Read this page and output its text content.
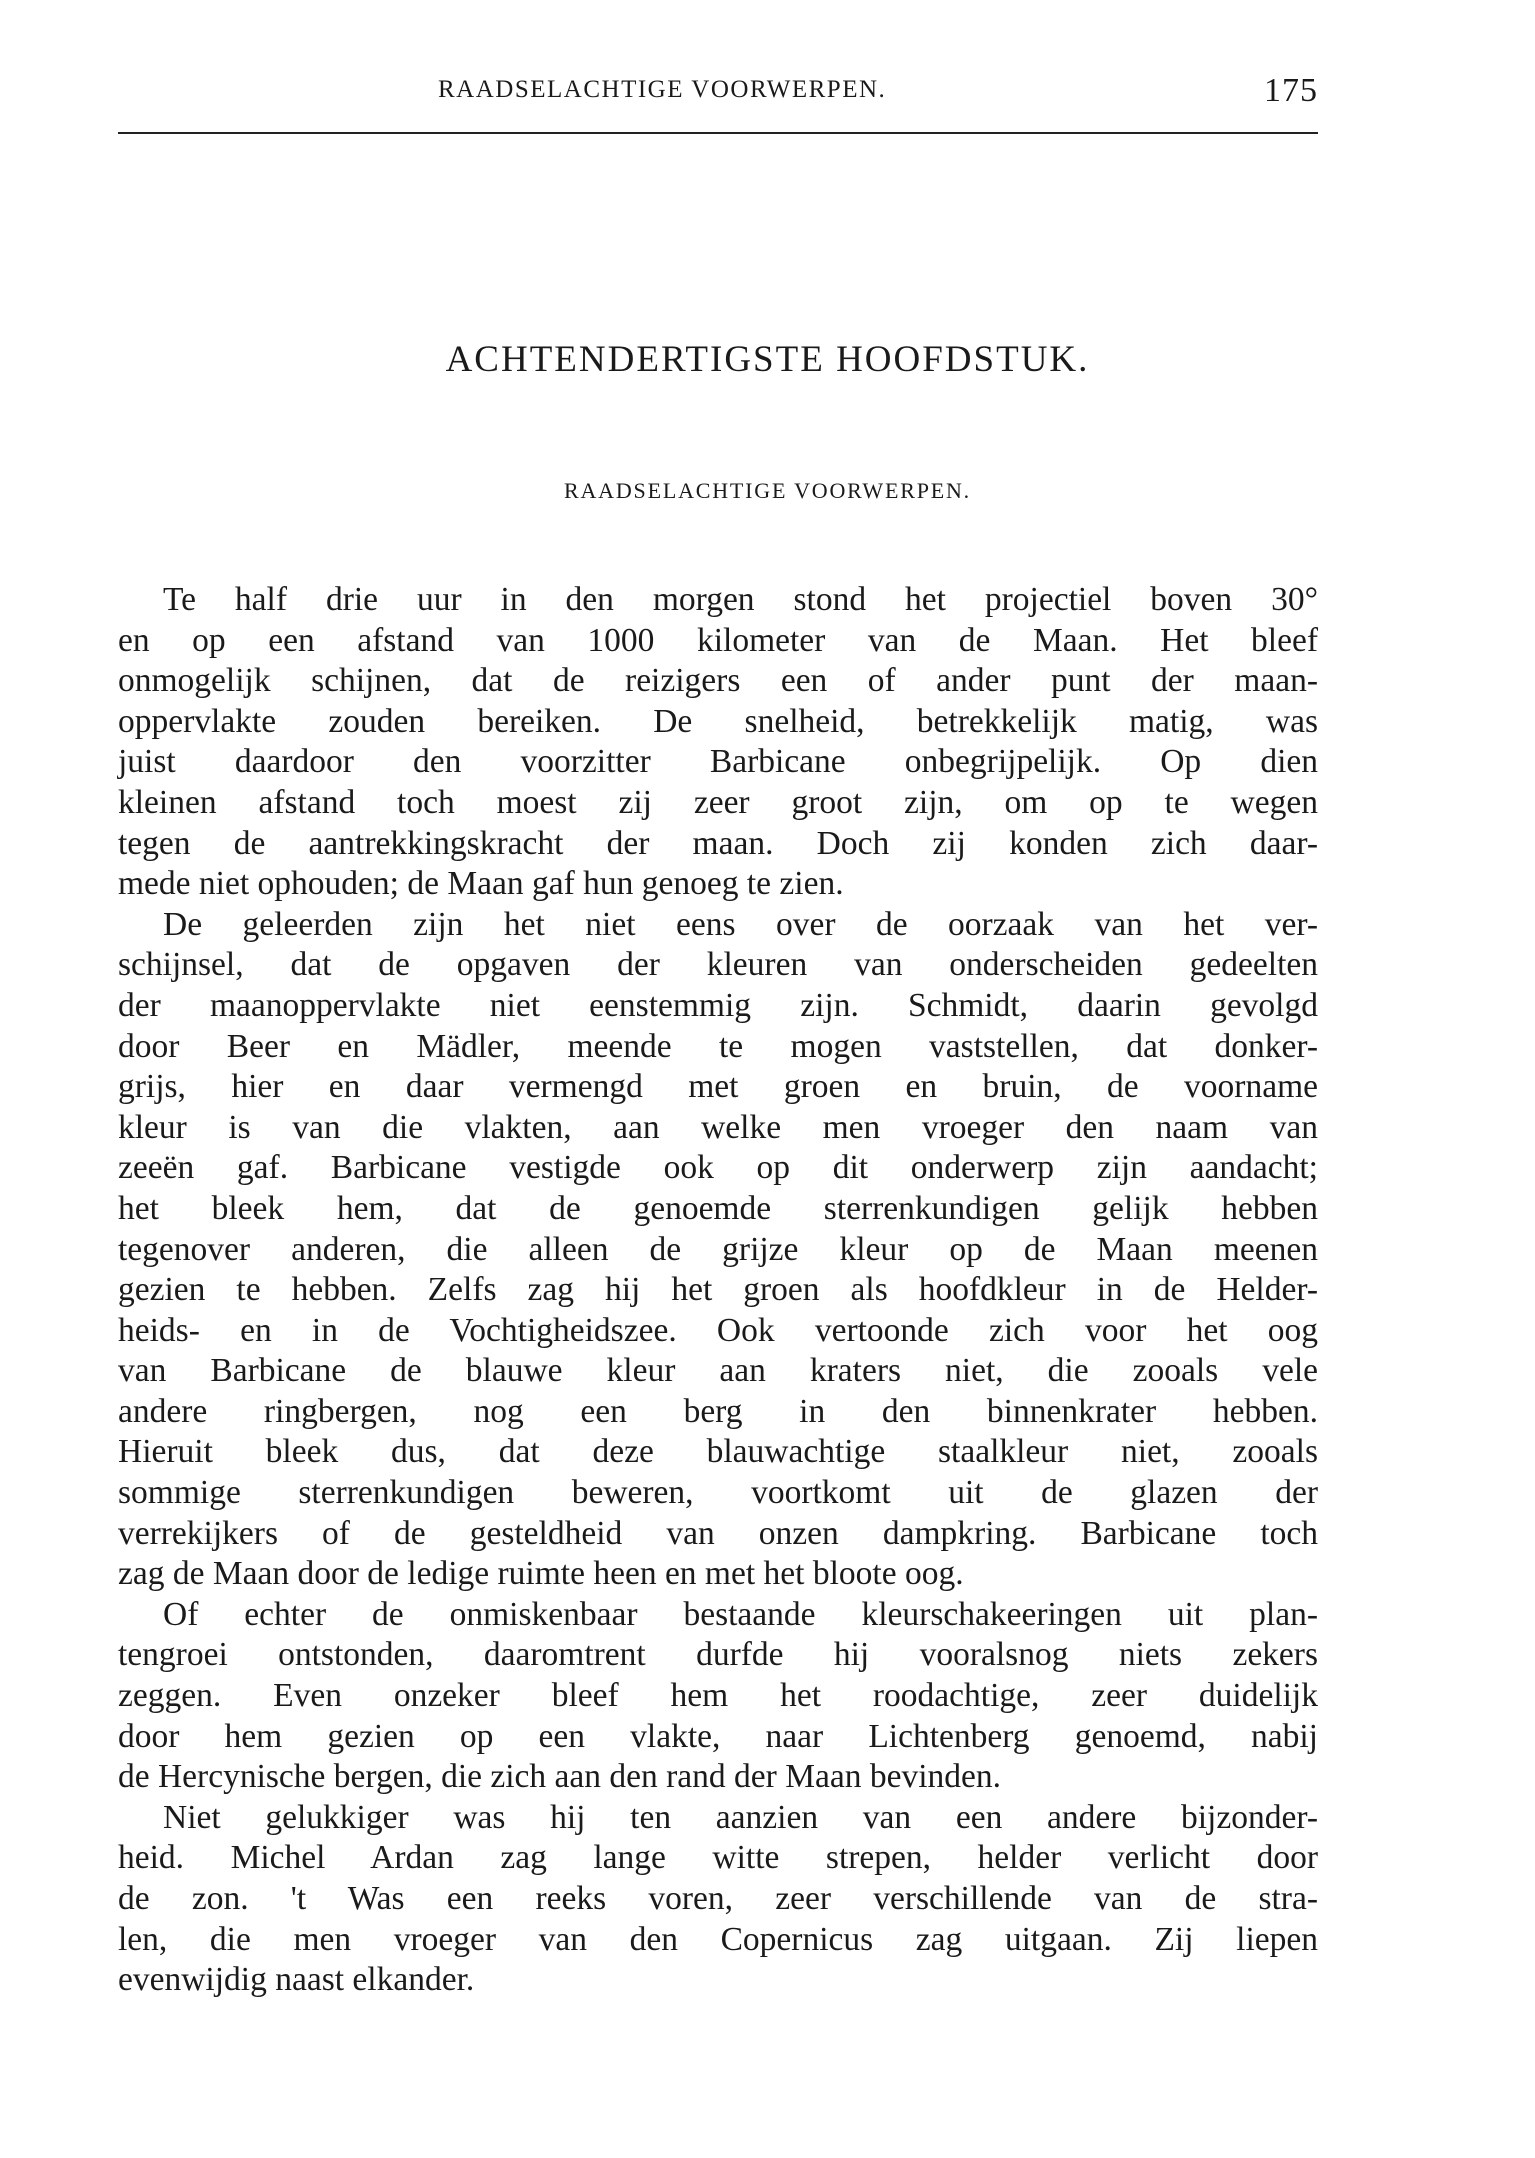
RAADSELACHTIGE VOORWERPEN.	175
ACHTENDERTIGSTE HOOFDSTUK.
RAADSELACHTIGE VOORWERPEN.

Te half drie uur in den morgen stond het projectiel boven 30°
en op een afstand van 1000 kilometer van de Maan. Het bleef
onmogelijk schijnen, dat de reizigers een of ander punt der maan-
oppervlakte zouden bereiken. De snelheid, betrekkelijk matig, was
juist daardoor den voorzitter Barbicane onbegrijpelijk. Op dien
kleinen afstand toch moest zij zeer groot zijn, om op te wegen
tegen de aantrekkingskracht der maan. Doch zij konden zich daar-
mede niet ophouden; de Maan gaf hun genoeg te zien.

De geleerden zijn het niet eens over de oorzaak van het ver-
schijnsel, dat de opgaven der kleuren van onderscheiden gedeelten
der maanoppervlakte niet eenstemmig zijn. Schmidt, daarin gevolgd
door Beer en Mädler, meende te mogen vaststellen, dat donker-
grijs, hier en daar vermengd met groen en bruin, de voorname
kleur is van die vlakten, aan welke men vroeger den naam van
zeeën gaf. Barbicane vestigde ook op dit onderwerp zijn aandacht;
het bleek hem, dat de genoemde sterrenkundigen gelijk hebben
tegenover anderen, die alleen de grijze kleur op de Maan meenen
gezien te hebben. Zelfs zag hij het groen als hoofdkleur in de Helder-
heids- en in de Vochtigheidszee. Ook vertoonde zich voor het oog
van Barbicane de blauwe kleur aan kraters niet, die zooals vele
andere ringbergen, nog een berg in den binnenkrater hebben.
Hieruit bleek dus, dat deze blauwachtige staalkleur niet, zooals
sommige sterrenkundigen beweren, voortkomt uit de glazen der
verrekijkers of de gesteldheid van onzen dampkring. Barbicane toch
zag de Maan door de ledige ruimte heen en met het bloote oog.

Of echter de onmiskenbaar bestaande kleurschakeeringen uit plan-
tengroei ontstonden, daaromtrent durfde hij vooralsnog niets zekers
zeggen. Even onzeker bleef hem het roodachtige, zeer duidelijk
door hem gezien op een vlakte, naar Lichtenberg genoemd, nabij
de Hercynische bergen, die zich aan den rand der Maan bevinden.

Niet gelukkiger was hij ten aanzien van een andere bijzonder-
heid. Michel Ardan zag lange witte strepen, helder verlicht door
de zon. 't Was een reeks voren, zeer verschillende van de stra-
len, die men vroeger van den Copernicus zag uitgaan. Zij liepen
evenwijdig naast elkander.
